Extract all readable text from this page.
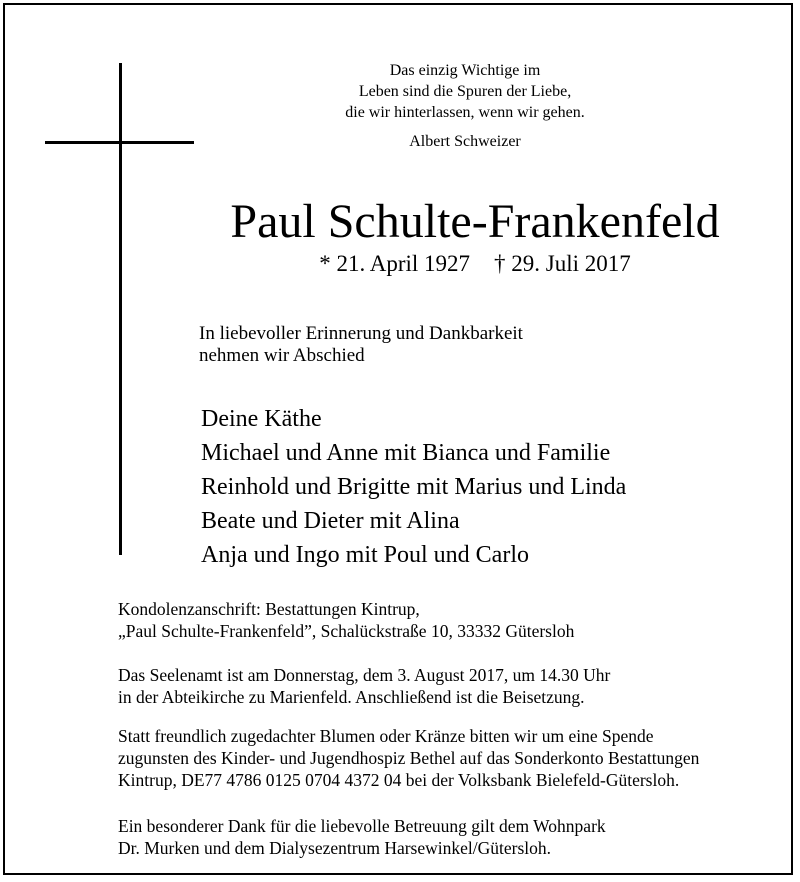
Das einzig Wichtige im
Leben sind die Spuren der Liebe,
die wir hinterlassen, wenn wir gehen.
Albert Schweizer
Paul Schulte-Frankenfeld
* 21. April 1927 † 29. Juli 2017

In liebevoller Erinnerung und Dankbarkeit

nehmen wir Abschied

Deine Käthe
Michael und Anne mit Bianca und Familie
Reinhold und Brigitte mit Marius und Linda
Beate und Dieter mit Alina
Anja und Ingo mit Poul und Carlo
Kondolenzanschrift: Bestattungen Kintrup,
„Paul Schulte-Frankenfeld”, Schalückstraße 10, 33332 Gütersloh
Das Seelenamt ist am Donnerstag, dem 3. August 2017, um 14.30 Uhr
in der Abteikirche zu Marienfeld. Anschließend ist die Beisetzung.
Statt freundlich zugedachter Blumen oder Kränze bitten wir um eine Spende
zugunsten des Kinder- und Jugendhospiz Bethel auf das Sonderkonto Bestattungen
Kintrup, DE77 4786 0125 0704 4372 04 bei der Volksbank Bielefeld-Gütersloh.
Ein besonderer Dank für die liebevolle Betreuung gilt dem Wohnpark
Dr. Murken und dem Dialysezentrum Harsewinkel/Gütersloh.
